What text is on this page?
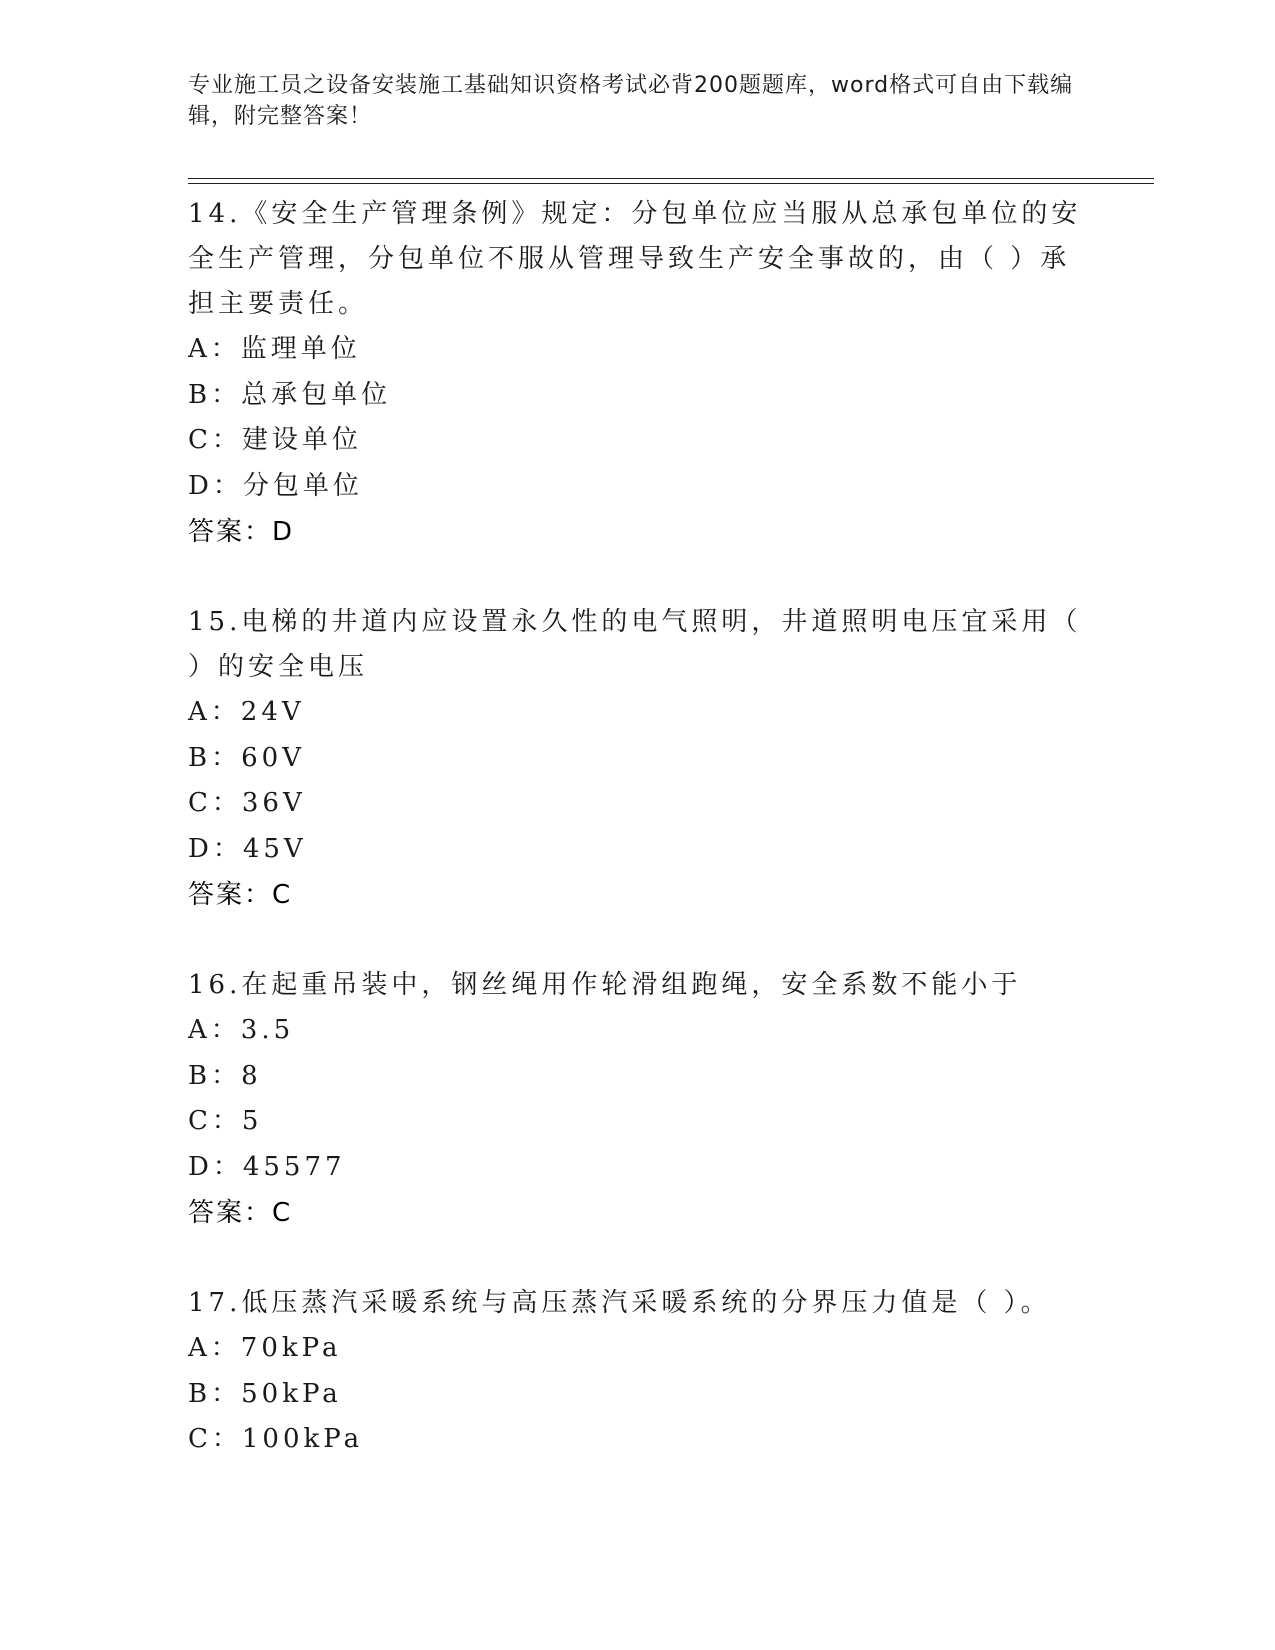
专业施工员之设备安装施工基础知识资格考试必背200题题库，word格式可自由下载编辑，附完整答案！

14.《安全生产管理条例》规定：分包单位应当服从总承包单位的安全生产管理，分包单位不服从管理导致生产安全事故的，由（ ）承担主要责任。

A：监理单位

B：总承包单位

C：建设单位

D：分包单位

答案：D

15.电梯的井道内应设置永久性的电气照明，井道照明电压宜采用（ ）的安全电压

A：24V

B：60V

C：36V

D：45V

答案：C

16.在起重吊装中，钢丝绳用作轮滑组跑绳，安全系数不能小于

A：3.5

B：8

C：5

D：45577

答案：C

17.低压蒸汽采暖系统与高压蒸汽采暖系统的分界压力值是（ ）。

A：70kPa

B：50kPa

C：100kPa
